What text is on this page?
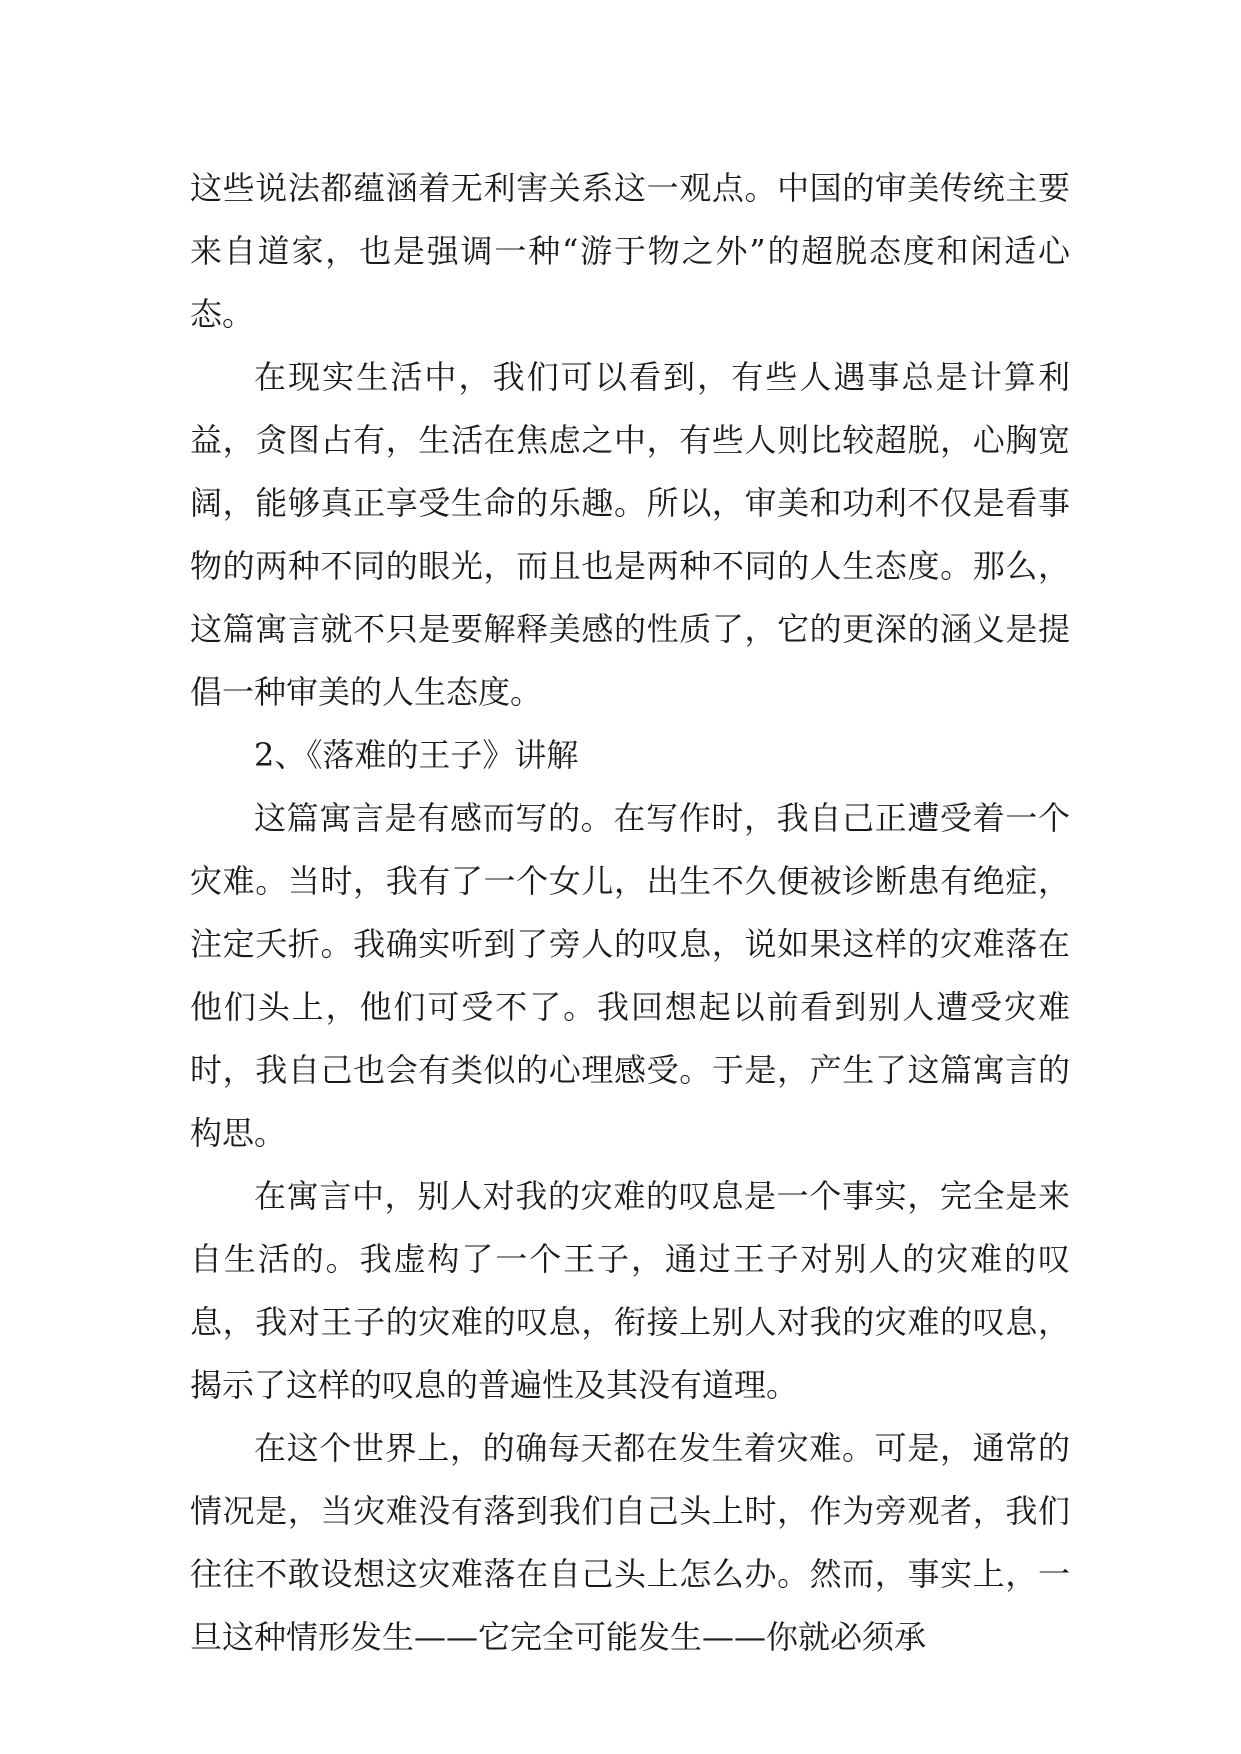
这些说法都蕴涵着无利害关系这一观点。中国的审美传统主要来自道家，也是强调一种“游于物之外”的超脱态度和闲适心态。

在现实生活中，我们可以看到，有些人遇事总是计算利益，贪图占有，生活在焦虑之中，有些人则比较超脱，心胸宽阔，能够真正享受生命的乐趣。所以，审美和功利不仅是看事物的两种不同的眼光，而且也是两种不同的人生态度。那么，这篇寓言就不只是要解释美感的性质了，它的更深的涵义是提倡一种审美的人生态度。

2、《落难的王子》讲解

这篇寓言是有感而写的。在写作时，我自己正遭受着一个灾难。当时，我有了一个女儿，出生不久便被诊断患有绝症，注定夭折。我确实听到了旁人的叹息，说如果这样的灾难落在他们头上，他们可受不了。我回想起以前看到别人遭受灾难时，我自己也会有类似的心理感受。于是，产生了这篇寓言的构思。

在寓言中，别人对我的灾难的叹息是一个事实，完全是来自生活的。我虚构了一个王子，通过王子对别人的灾难的叹息，我对王子的灾难的叹息，衔接上别人对我的灾难的叹息，揭示了这样的叹息的普遍性及其没有道理。

在这个世界上，的确每天都在发生着灾难。可是，通常的情况是，当灾难没有落到我们自己头上时，作为旁观者，我们往往不敢设想这灾难落在自己头上怎么办。然而，事实上，一旦这种情形发生——它完全可能发生——你就必须承
